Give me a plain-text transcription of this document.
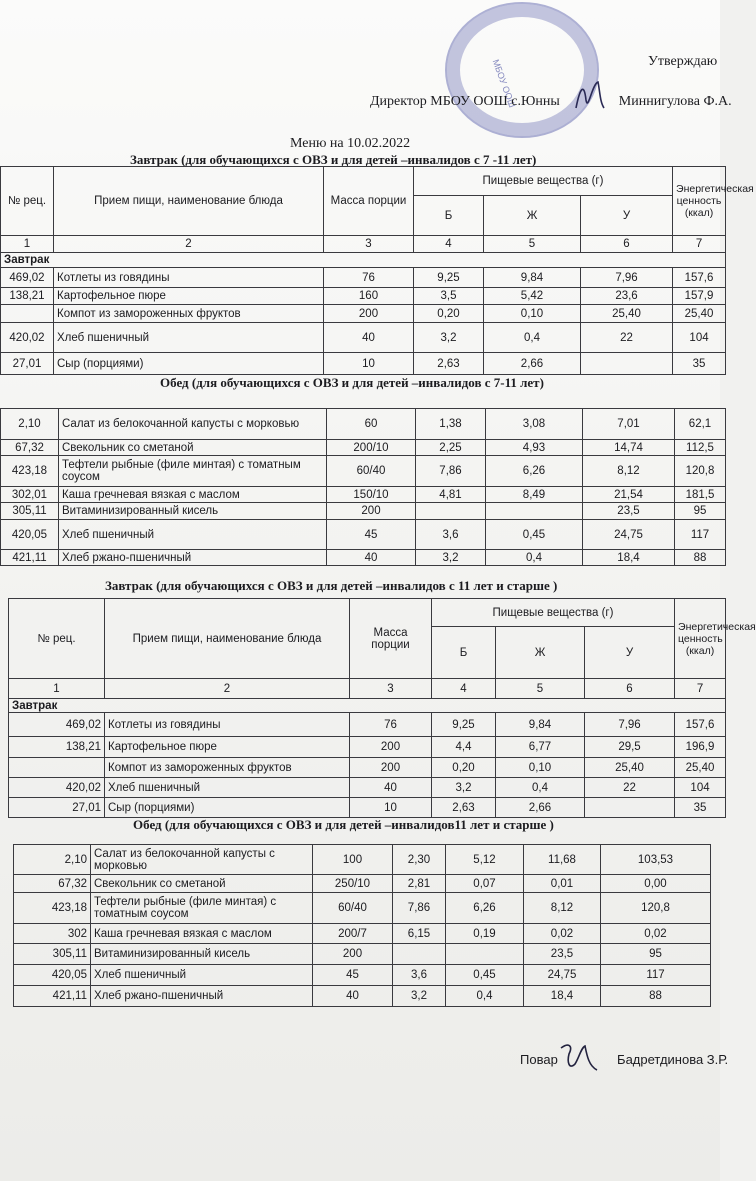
МБОУ ООШ	Утверждаю
Директор МБОУ ООШ с.Юнны	Миннигулова Ф.А.
Меню на 10.02.2022
Завтрак (для обучающихся с ОВЗ и для детей –инвалидов с 7 -11 лет)
№ рец.	Прием пищи, наименование блюда	Масса порции	Пищевые вещества (г)			Энергетическая ценность (ккал)
			Б	Ж	У	
1	2	3	4	5	6	7
Завтрак						
469,02	Котлеты из говядины	76	9,25	9,84	7,96	157,6
138,21	Картофельное пюре	160	3,5	5,42	23,6	157,9
	Компот из замороженных фруктов	200	0,20	0,10	25,40	25,40
420,02	Хлеб пшеничный	40	3,2	0,4	22	104
27,01	Сыр (порциями)	10	2,63	2,66		35
Обед (для обучающихся с ОВЗ и для детей –инвалидов с 7-11 лет)
2,10	Салат из белокочанной капусты с морковью	60	1,38	3,08	7,01	62,1
67,32	Свекольник со сметаной	200/10	2,25	4,93	14,74	112,5
423,18	Тефтели рыбные (филе минтая) с томатным соусом	60/40	7,86	6,26	8,12	120,8
302,01	Каша гречневая вязкая с маслом	150/10	4,81	8,49	21,54	181,5
305,11	Витаминизированный кисель	200			23,5	95
420,05	Хлеб пшеничный	45	3,6	0,45	24,75	117
421,11	Хлеб ржано-пшеничный	40	3,2	0,4	18,4	88
Завтрак (для обучающихся с ОВЗ и для детей –инвалидов с 11 лет и старше )
№ рец.	Прием пищи, наименование блюда	Масса порции	Пищевые вещества (г)			Энергетическая ценность (ккал)
			Б	Ж	У	
1	2	3	4	5	6	7
Завтрак						
469,02	Котлеты из говядины	76	9,25	9,84	7,96	157,6
138,21	Картофельное пюре	200	4,4	6,77	29,5	196,9
	Компот из замороженных фруктов	200	0,20	0,10	25,40	25,40
420,02	Хлеб пшеничный	40	3,2	0,4	22	104
27,01	Сыр (порциями)	10	2,63	2,66		35
Обед (для обучающихся с ОВЗ и для детей –инвалидов11 лет и старше )
2,10	Салат из белокочанной капусты с морковью	100	2,30	5,12	11,68	103,53
67,32	Свекольник со сметаной	250/10	2,81	0,07	0,01	0,00
423,18	Тефтели рыбные (филе минтая) с томатным соусом	60/40	7,86	6,26	8,12	120,8
302	Каша гречневая вязкая с маслом	200/7	6,15	0,19	0,02	0,02
305,11	Витаминизированный кисель	200			23,5	95
420,05	Хлеб пшеничный	45	3,6	0,45	24,75	117
421,11	Хлеб ржано-пшеничный	40	3,2	0,4	18,4	88
Повар	Бадретдинова З.Р.
